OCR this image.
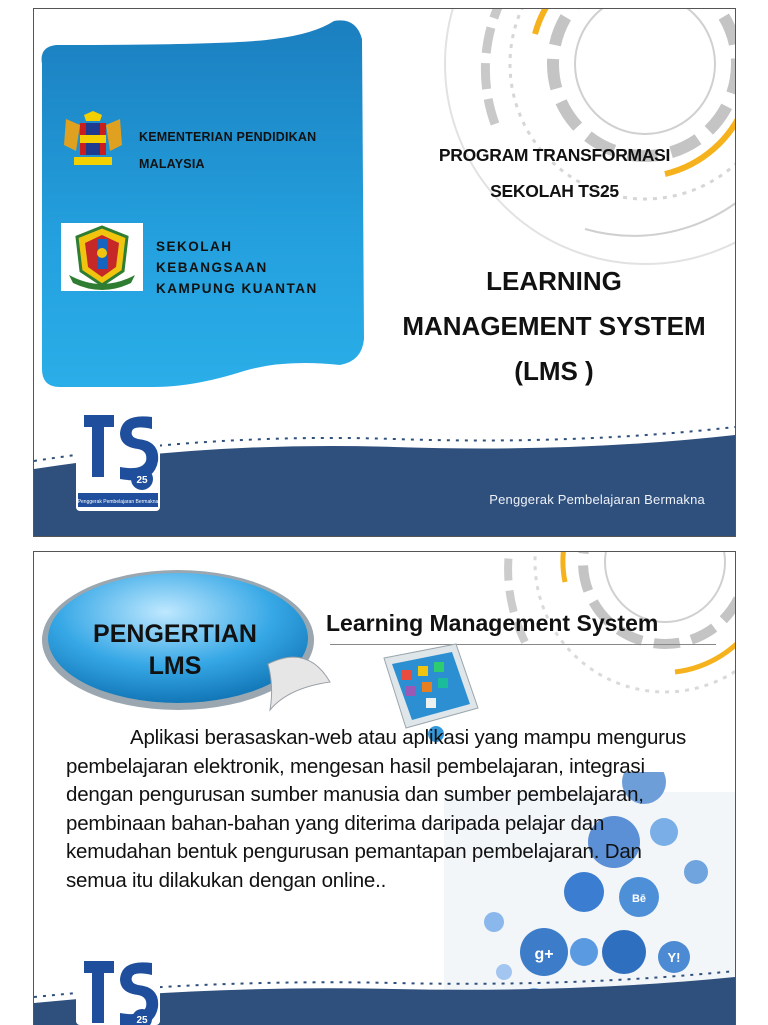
KEMENTERIAN PENDIDIKAN
MALAYSIA
SEKOLAH
KEBANGSAAN
KAMPUNG KUANTAN
PROGRAM TRANSFORMASI
SEKOLAH TS25
LEARNING
MANAGEMENT SYSTEM
(LMS )
25
Penggerak Pembelajaran Bermakna	Penggerak Pembelajaran Bermakna
PENGERTIAN
LMS
Learning Management System
g+
Bē
Y!

Aplikasi berasaskan-web atau aplikasi yang mampu mengurus pembelajaran elektronik, mengesan hasil pembelajaran, integrasi dengan pengurusan sumber manusia dan sumber pembelajaran, pembinaan bahan-bahan yang diterima daripada pelajar dan kemudahan bentuk pengurusan pemantapan pembelajaran. Dan semua itu dilakukan dengan online..

25
